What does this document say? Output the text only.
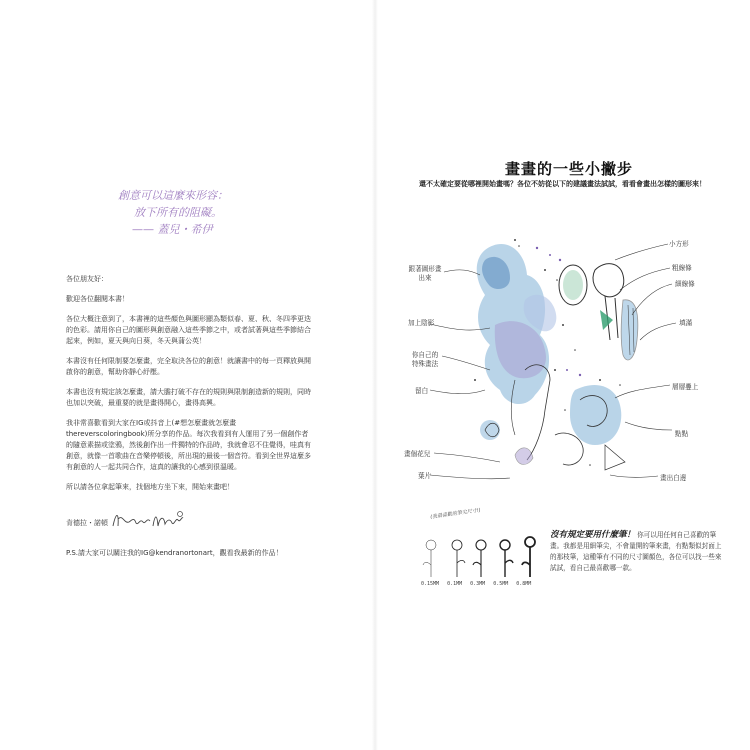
創意可以這麼來形容：
放下所有的阻礙。
—— 蓋兒・希伊

各位朋友好：

歡迎各位翻閱本書！

各位大概注意到了，本書裡的這些顏色與圖形顯為類似春、夏、秋、冬四季更迭的色彩。請用你自己的圖形與創意融入這些季節之中，或者試著與這些季節結合起來，例如，夏天與向日葵，冬天與蒲公英！

本書沒有任何限制要怎麼畫，完全取決各位的創意！就讓書中的每一頁釋放與開啟你的創意，幫助你靜心紓壓。

本書也沒有規定該怎麼畫，請大膽打破不存在的規則與限制創造新的規則，同時也加以突破，最重要的就是畫得開心，畫得高興。

我非常喜歡看到大家在IG或抖音上(#想怎麼畫就怎麼畫thereverscoloringbook)所分享的作品。每次我看到有人運用了另一個創作者的隨意素描或塗鴉，然後創作出一件獨特的作品時，我就會忍不住覺得，哇真有創意，就像一首歌曲在音樂停頓後，所出現的最後一個音符。看到全世界這麼多有創意的人一起共同合作，這真的讓我的心感到很溫暖。

所以請各位拿起筆來，找個地方坐下來，開始來畫吧！

肯德拉・諾頓
P.S.請大家可以關注我的IG@kendranortonart，觀看我最新的作品！
畫畫的一些小撇步
還不太確定要從哪裡開始畫嗎？各位不妨從以下的建議畫法試試，看看會畫出怎樣的圖形來！
跟著圖形畫出來
小方形
粗線條
細線條
加上陰影	填滿
你自己的特殊畫法
留白	層層疊上
點點
畫個花兒
葉片	畫出白邊
(我最喜歡的筆尖尺寸!)
0.15MM 0.1MM 0.3MM 0.5MM 0.8MM
沒有規定要用什麼筆！ 你可以用任何自己喜歡的筆畫。我都是用細筆尖，不會量開的筆來畫，有點類似封面上的那枝筆，這種筆有不同的尺寸圖顏色，各位可以找一些來試試，看自己最喜歡哪一款。
